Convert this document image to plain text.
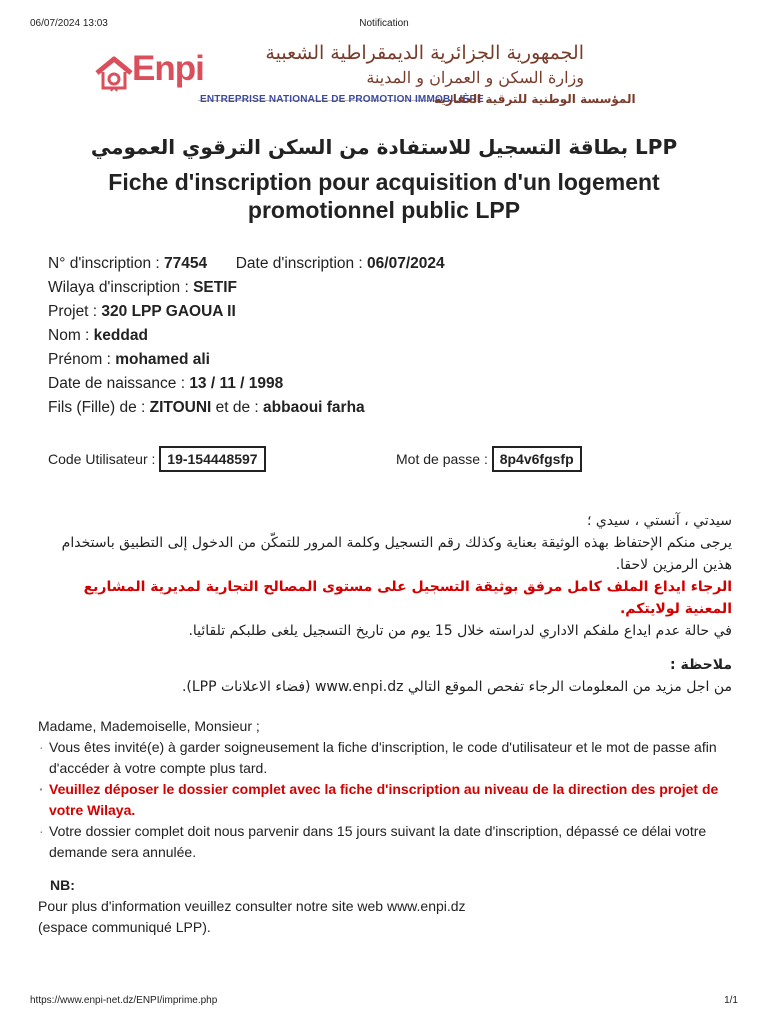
06/07/2024 13:03	Notification
Enpi	الجمهورية الجزائرية الديمقراطية الشعبية
وزارة السكن و العمران و المدينة
ENTREPRISE NATIONALE DE PROMOTION IMMOBILIÈRE
المؤسسة الوطنية للترقية العقارية
بطاقة التسجيل للاستفادة من السكن الترقوي العمومي LPP
Fiche d'inscription pour acquisition d'un logement promotionnel public LPP
N° d'inscription : 77454 Date d'inscription : 06/07/2024
Wilaya d'inscription : SETIF
Projet : 320 LPP GAOUA II
Nom : keddad
Prénom : mohamed ali
Date de naissance : 13 / 11 / 1998
Fils (Fille) de : ZITOUNI et de : abbaoui farha
Code Utilisateur : 19-154448597	Mot de passe : 8p4v6fgsfp
سيدتي ، آنستي ، سيدي ؛
يرجى منكم الإحتفاظ بهذه الوثيقة بعناية وكذلك رقم التسجيل وكلمة المرور للتمكّن من الدخول إلى التطبيق باستخدام هذين الرمزين لاحقا.
الرجاء ايداع الملف كامل مرفق بوثيقة التسجيل على مستوى المصالح التجارية لمديرية المشاريع المعنية لولايتكم.
في حالة عدم ايداع ملفكم الاداري لدراسته خلال 15 يوم من تاريخ التسجيل يلغى طلبكم تلقائيا.
ملاحظة :
من اجل مزيد من المعلومات الرجاء تفحص الموقع التالي www.enpi.dz (فضاء الاعلانات LPP).
Madame, Mademoiselle, Monsieur ;
· Vous êtes invité(e) à garder soigneusement la fiche d'inscription, le code d'utilisateur et le mot de passe afin d'accéder à votre compte plus tard.
· Veuillez déposer le dossier complet avec la fiche d'inscription au niveau de la direction des projet de votre Wilaya.
· Votre dossier complet doit nous parvenir dans 15 jours suivant la date d'inscription, dépassé ce délai votre demande sera annulée.
NB:
Pour plus d'information veuillez consulter notre site web www.enpi.dz
(espace communiqué LPP).
https://www.enpi-net.dz/ENPI/imprime.php	1/1
